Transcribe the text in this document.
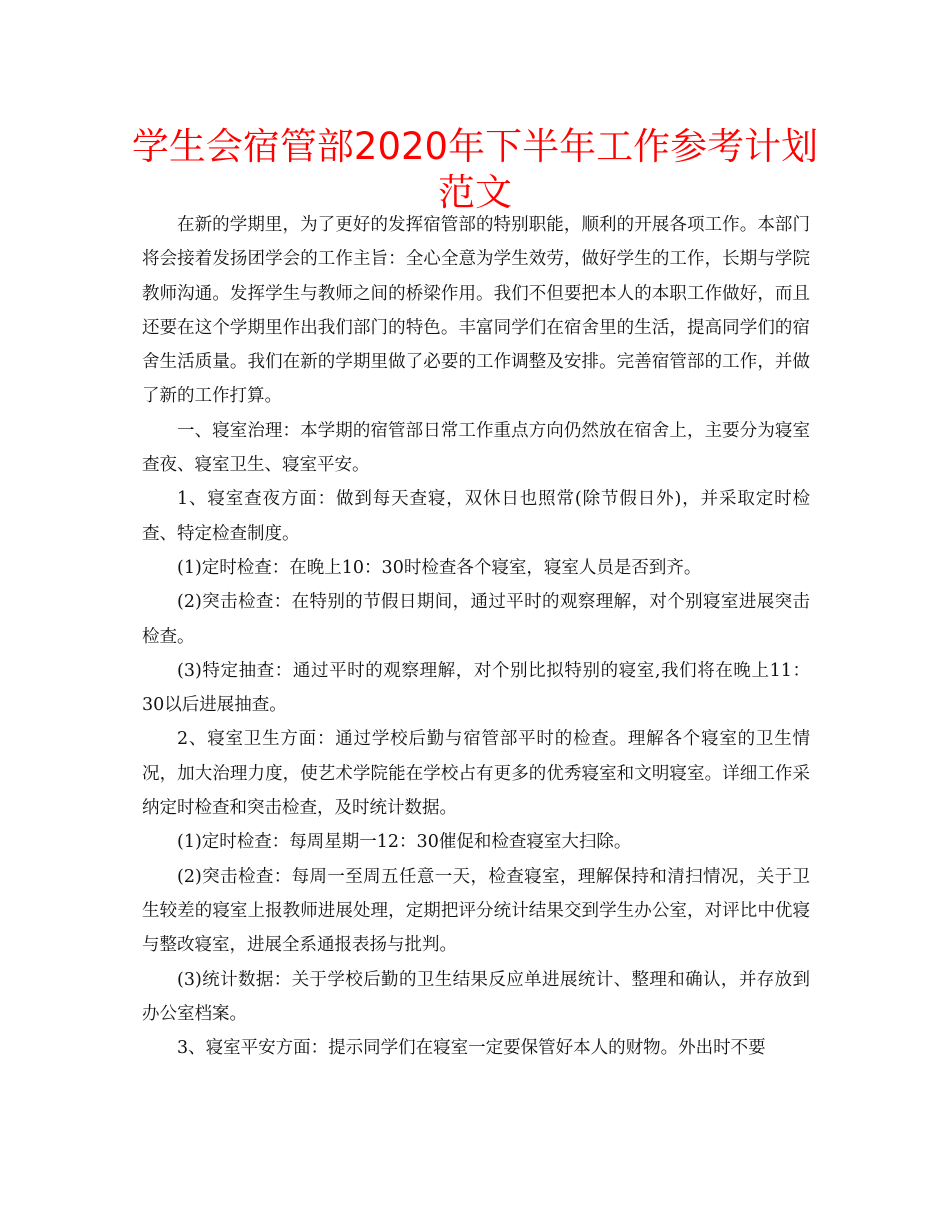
学生会宿管部2020年下半年工作参考计划
范文

在新的学期里，为了更好的发挥宿管部的特别职能，顺利的开展各项工作。本部门将会接着发扬团学会的工作主旨：全心全意为学生效劳，做好学生的工作，长期与学院教师沟通。发挥学生与教师之间的桥梁作用。我们不但要把本人的本职工作做好，而且还要在这个学期里作出我们部门的特色。丰富同学们在宿舍里的生活，提高同学们的宿舍生活质量。我们在新的学期里做了必要的工作调整及安排。完善宿管部的工作，并做了新的工作打算。

一、寝室治理：本学期的宿管部日常工作重点方向仍然放在宿舍上，主要分为寝室查夜、寝室卫生、寝室平安。

1、寝室查夜方面：做到每天查寝，双休日也照常(除节假日外)，并采取定时检查、特定检查制度。

(1)定时检查：在晚上10：30时检查各个寝室，寝室人员是否到齐。

(2)突击检查：在特别的节假日期间，通过平时的观察理解，对个别寝室进展突击检查。

(3)特定抽查：通过平时的观察理解，对个别比拟特别的寝室,我们将在晚上11：30以后进展抽查。

2、寝室卫生方面：通过学校后勤与宿管部平时的检查。理解各个寝室的卫生情况，加大治理力度，使艺术学院能在学校占有更多的优秀寝室和文明寝室。详细工作采纳定时检查和突击检查，及时统计数据。

(1)定时检查：每周星期一12：30催促和检查寝室大扫除。

(2)突击检查：每周一至周五任意一天，检查寝室，理解保持和清扫情况，关于卫生较差的寝室上报教师进展处理，定期把评分统计结果交到学生办公室，对评比中优寝与整改寝室，进展全系通报表扬与批判。

(3)统计数据：关于学校后勤的卫生结果反应单进展统计、整理和确认，并存放到办公室档案。

3、寝室平安方面：提示同学们在寝室一定要保管好本人的财物。外出时不要
